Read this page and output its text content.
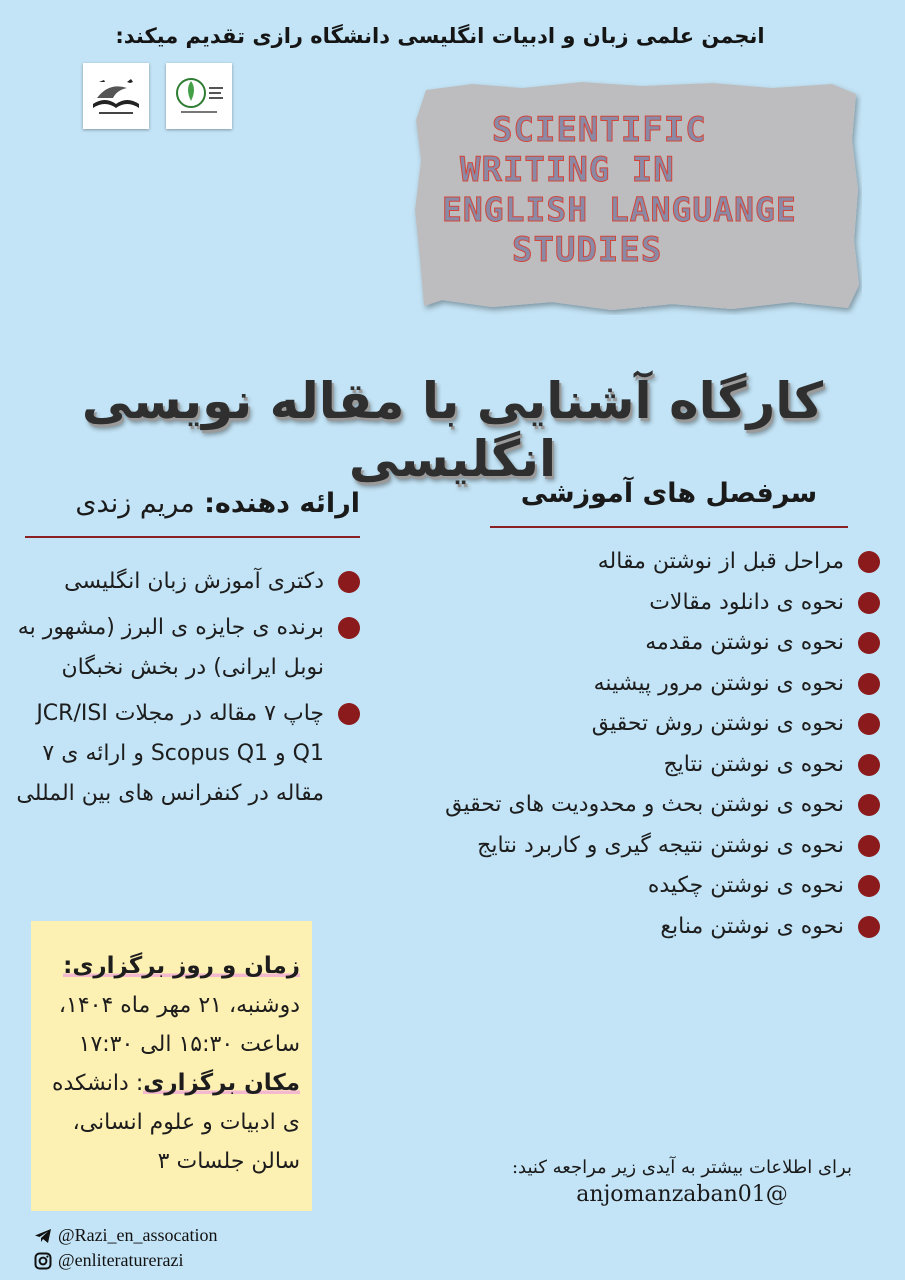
انجمن علمی زبان و ادبیات انگلیسی دانشگاه رازی تقدیم میکند:
SCIENTIFIC
WRITING IN
ENGLISH LANGUANGE
STUDIES
کارگاه آشنایی با مقاله نویسی انگلیسی
سرفصل های آموزشی
ارائه دهنده: مریم زندی
مراحل قبل از نوشتن مقاله
نحوه ی دانلود مقالات
نحوه ی نوشتن مقدمه
نحوه ی نوشتن مرور پیشینه
نحوه ی نوشتن روش تحقیق
نحوه ی نوشتن نتایج
نحوه ی نوشتن بحث و محدودیت های تحقیق
نحوه ی نوشتن نتیجه گیری و کاربرد نتایج
نحوه ی نوشتن چکیده
نحوه ی نوشتن منابع
دکتری آموزش زبان انگلیسی
برنده ی جایزه ی البرز (مشهور به نوبل ایرانی) در بخش نخبگان
چاپ ۷ مقاله در مجلات JCR/ISI Q1 و Scopus Q1 و ارائه ی ۷ مقاله در کنفرانس های بین المللی
زمان و روز برگزاری:
دوشنبه، ۲۱ مهر ماه ۱۴۰۴، ساعت ۱۵:۳۰ الی ۱۷:۳۰
مکان برگزاری: دانشکده ی ادبیات و علوم انسانی، سالن جلسات ۳	برای اطلاعات بیشتر به آیدی زیر مراجعه کنید:
@anjomanzaban01
@Razi_en_assocation
@enliteraturerazi
